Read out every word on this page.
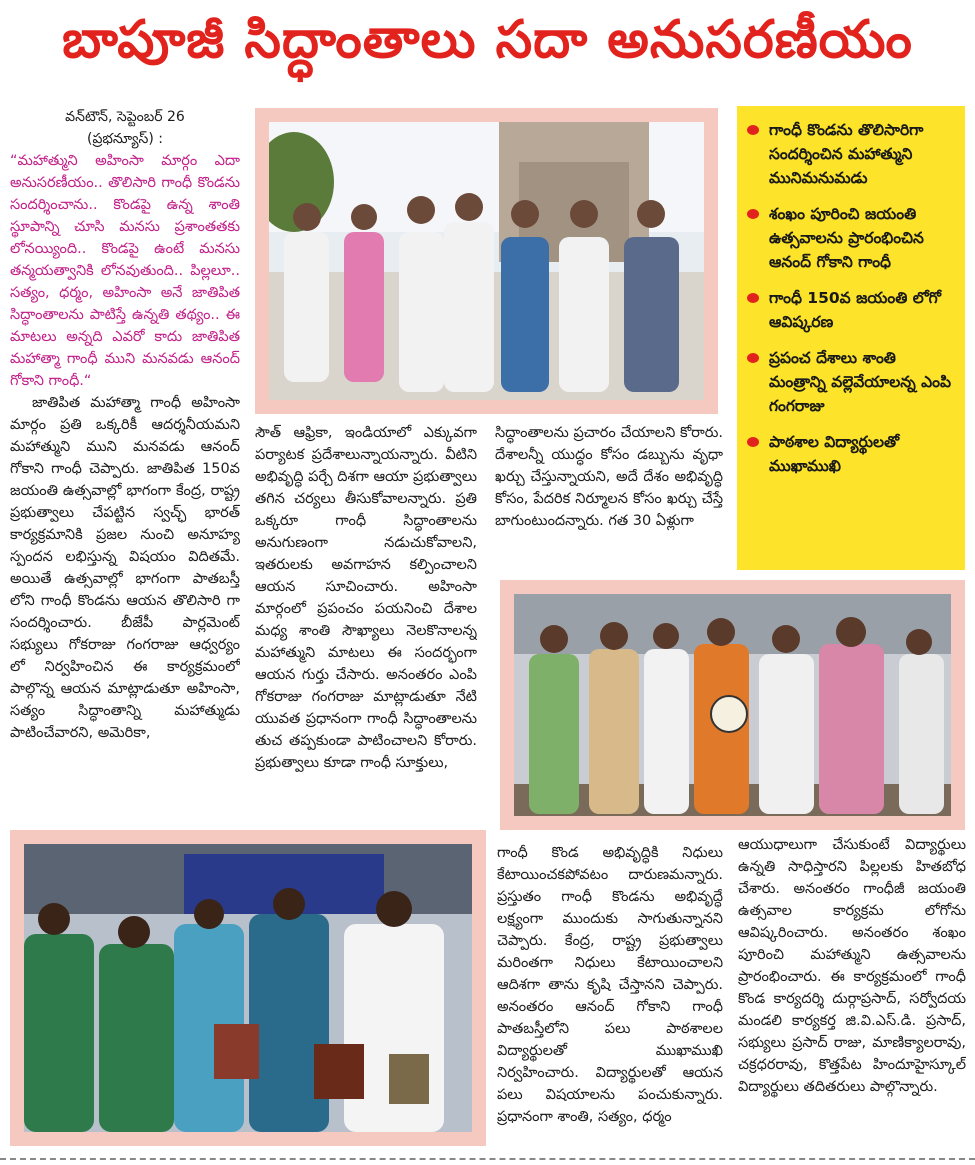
బాపూజీ సిద్ధాంతాలు సదా అనుసరణీయం
వన్‌టౌన్, సెప్టెంబర్ 26
(ప్రభన్యూస్) :
“మహాత్ముని అహింసా మార్గం ఎదా అనుసరణీయం.. తొలిసారి గాంధీ కొండను సందర్శించాను.. కొండపై ఉన్న శాంతి స్థూపాన్ని చూసి మనసు ప్రశాంతతకు లోనయ్యింది.. కొండపై ఉంటే మనసు తన్మయత్వానికి లోనవుతుంది.. పిల్లలూ.. సత్యం, ధర్మం, అహింసా అనే జాతిపిత సిద్ధాంతాలను పాటిస్తే ఉన్నతి తథ్యం.. ఈ మాటలు అన్నది ఎవరో కాదు జాతిపిత మహాత్మా గాంధీ ముని మనవడు ఆనంద్ గోకాని గాంధీ.“
జాతిపిత మహాత్మా గాంధీ అహింసా మార్గం ప్రతి ఒక్కరికీ ఆదర్శనీయమని మహాత్ముని ముని మనవడు ఆనంద్ గోకాని గాంధీ చెప్పారు. జాతిపిత 150వ జయంతి ఉత్సవాల్లో భాగంగా కేంద్ర, రాష్ట్ర ప్రభుత్వాలు చేపట్టిన స్వచ్ఛ్ భారత్ కార్యక్రమానికి ప్రజల నుంచి అనూహ్య స్పందన లభిస్తున్న విషయం విదితమే. అయితే ఉత్సవాల్లో భాగంగా పాతబస్తీ లోని గాంధీ కొండను ఆయన తొలిసారి గా సందర్శించారు. బీజేపీ పార్లమెంట్ సభ్యులు గోకరాజు గంగరాజు ఆధ్వర్యం లో నిర్వహించిన ఈ కార్యక్రమంలో పాల్గొన్న ఆయన మాట్లాడుతూ అహింసా, సత్యం సిద్ధాంతాన్ని మహాత్ముడు పాటించేవారని, అమెరికా,
గాంధీ కొండను తొలిసారిగా సందర్శించిన మహాత్ముని మునిమనుమడు
శంఖం పూరించి జయంతి ఉత్సవాలను ప్రారంభించిన ఆనంద్ గోకాని గాంధీ
గాంధీ 150వ జయంతి లోగో ఆవిష్కరణ
ప్రపంచ దేశాలు శాంతి మంత్రాన్ని వల్లెవేయాలన్న ఎంపి గంగరాజు
పాఠశాల విద్యార్థులతో ముఖాముఖి
సౌత్ ఆఫ్రికా, ఇండియాలో ఎక్కువగా పర్యాటక ప్రదేశాలున్నాయన్నారు. వీటిని అభివృద్ధి పర్చే దిశగా ఆయా ప్రభుత్వాలు తగిన చర్యలు తీసుకోవాలన్నారు. ప్రతి ఒక్కరూ గాంధీ సిద్ధాంతాలను అనుగుణంగా నడుచుకోవాలని, ఇతరులకు అవగాహన కల్పించాలని ఆయన సూచించారు. అహింసా మార్గంలో ప్రపంచం పయనించి దేశాల మధ్య శాంతి సౌఖ్యాలు నెలకొనాలన్న మహాత్ముని మాటలు ఈ సందర్భంగా ఆయన గుర్తు చేసారు. అనంతరం ఎంపి గోకరాజు గంగరాజు మాట్లాడుతూ నేటి యువత ప్రధానంగా గాంధీ సిద్ధాంతాలను తుచ తప్పకుండా పాటించాలని కోరారు. ప్రభుత్వాలు కూడా గాంధీ సూక్తులు,
సిద్ధాంతాలను ప్రచారం చేయాలని కోరారు. దేశాలన్నీ యుద్ధం కోసం డబ్బును వృధా ఖర్చు చేస్తున్నాయని, అదే దేశం అభివృద్ధి కోసం, పేదరిక నిర్మూలన కోసం ఖర్చు చేస్తే బాగుంటుందన్నారు. గత 30 ఏళ్లుగా
గాంధీ కొండ అభివృద్ధికి నిధులు కేటాయించకపోవటం దారుణమన్నారు. ప్రస్తుతం గాంధీ కొండను అభివృద్ధే లక్ష్యంగా ముందుకు సాగుతున్నానని చెప్పారు. కేంద్ర, రాష్ట్ర ప్రభుత్వాలు మరింతగా నిధులు కేటాయించాలని ఆదిశగా తాను కృషి చేస్తానని చెప్పారు. అనంతరం ఆనంద్ గోకాని గాంధీ పాతబస్తీలోని పలు పాఠశాలల విద్యార్థులతో ముఖాముఖి నిర్వహించారు. విద్యార్థులతో ఆయన పలు విషయాలను పంచుకున్నారు. ప్రధానంగా శాంతి, సత్యం, ధర్మం
ఆయుధాలుగా చేసుకుంటే విద్యార్థులు ఉన్నతి సాధిస్తారని పిల్లలకు హితబోధ చేశారు. అనంతరం గాంధీజీ జయంతి ఉత్సవాల కార్యక్రమ లోగోను ఆవిష్కరించారు. అనంతరం శంఖం పూరించి మహాత్ముని ఉత్సవాలను ప్రారంభించారు. ఈ కార్యక్రమంలో గాంధీ కొండ కార్యదర్శి దుర్గాప్రసాద్, సర్వోదయ మండలి కార్యకర్త జి.వి.ఎస్.డి. ప్రసాద్, సభ్యులు ప్రసాద్ రాజు, మాణిక్యాలరావు, చక్రధరరావు, కొత్తపేట హిందూహైస్కూల్ విద్యార్థులు తదితరులు పాల్గొన్నారు.
